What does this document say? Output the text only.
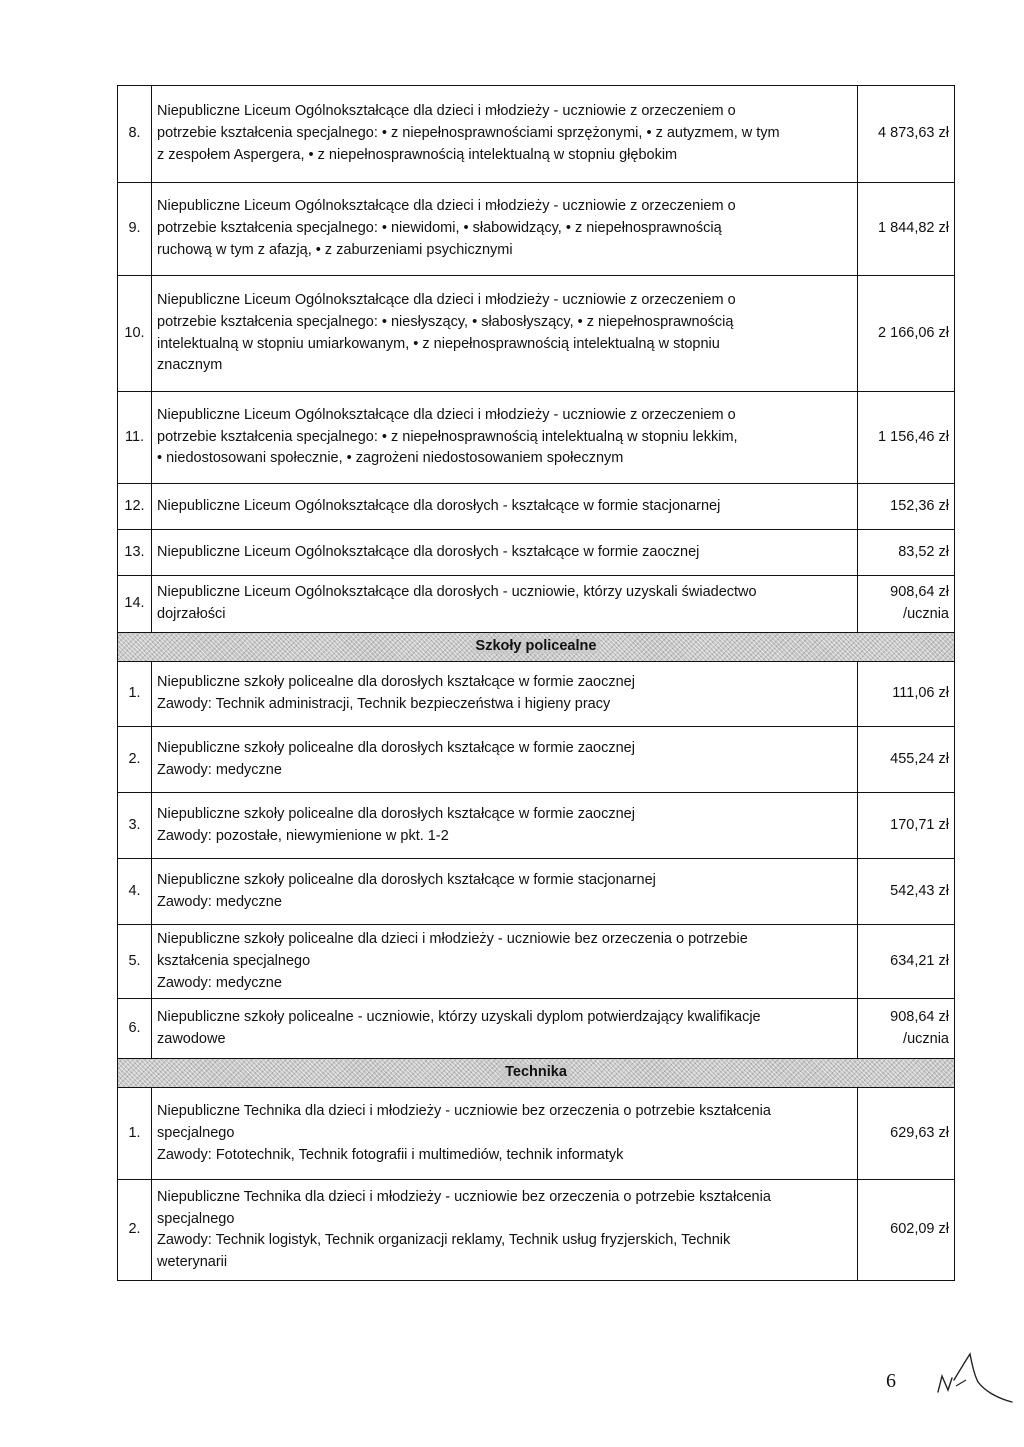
8.	Niepubliczne Liceum Ogólnokształcące dla dzieci i młodzieży - uczniowie z orzeczeniem o
potrzebie kształcenia specjalnego: • z niepełnosprawnościami sprzężonymi, • z autyzmem, w tym
z zespołem Aspergera, • z niepełnosprawnością intelektualną w stopniu głębokim	4 873,63 zł
9.	Niepubliczne Liceum Ogólnokształcące dla dzieci i młodzieży - uczniowie z orzeczeniem o
potrzebie kształcenia specjalnego: • niewidomi, • słabowidzący, • z niepełnosprawnością
ruchową w tym z afazją, • z zaburzeniami psychicznymi	1 844,82 zł
10.	Niepubliczne Liceum Ogólnokształcące dla dzieci i młodzieży - uczniowie z orzeczeniem o
potrzebie kształcenia specjalnego: • niesłyszący, • słabosłyszący, • z niepełnosprawnością
intelektualną w stopniu umiarkowanym, • z niepełnosprawnością intelektualną w stopniu
znacznym	2 166,06 zł
11.	Niepubliczne Liceum Ogólnokształcące dla dzieci i młodzieży - uczniowie z orzeczeniem o
potrzebie kształcenia specjalnego: • z niepełnosprawnością intelektualną w stopniu lekkim,
• niedostosowani społecznie, • zagrożeni niedostosowaniem społecznym	1 156,46 zł
12.	Niepubliczne Liceum Ogólnokształcące dla dorosłych - kształcące w formie stacjonarnej	152,36 zł
13.	Niepubliczne Liceum Ogólnokształcące dla dorosłych - kształcące w formie zaocznej	83,52 zł
14.	Niepubliczne Liceum Ogólnokształcące dla dorosłych - uczniowie, którzy uzyskali świadectwo
dojrzałości	908,64 zł
/ucznia

Szkoły policealne		
1.	Niepubliczne szkoły policealne dla dorosłych kształcące w formie zaocznej
Zawody: Technik administracji, Technik bezpieczeństwa i higieny pracy	111,06 zł
2.	Niepubliczne szkoły policealne dla dorosłych kształcące w formie zaocznej
Zawody: medyczne	455,24 zł
3.	Niepubliczne szkoły policealne dla dorosłych kształcące w formie zaocznej
Zawody: pozostałe, niewymienione w pkt. 1-2	170,71 zł
4.	Niepubliczne szkoły policealne dla dorosłych kształcące w formie stacjonarnej
Zawody: medyczne	542,43 zł
5.	Niepubliczne szkoły policealne dla dzieci i młodzieży - uczniowie bez orzeczenia o potrzebie
kształcenia specjalnego
Zawody: medyczne	634,21 zł
6.	Niepubliczne szkoły policealne - uczniowie, którzy uzyskali dyplom potwierdzający kwalifikacje
zawodowe	908,64 zł
/ucznia

Technika		
1.	Niepubliczne Technika dla dzieci i młodzieży - uczniowie bez orzeczenia o potrzebie kształcenia
specjalnego
Zawody: Fototechnik, Technik fotografii i multimediów, technik informatyk	629,63 zł
2.	Niepubliczne Technika dla dzieci i młodzieży - uczniowie bez orzeczenia o potrzebie kształcenia
specjalnego
Zawody: Technik logistyk, Technik organizacji reklamy, Technik usług fryzjerskich, Technik
weterynarii	602,09 zł
6
